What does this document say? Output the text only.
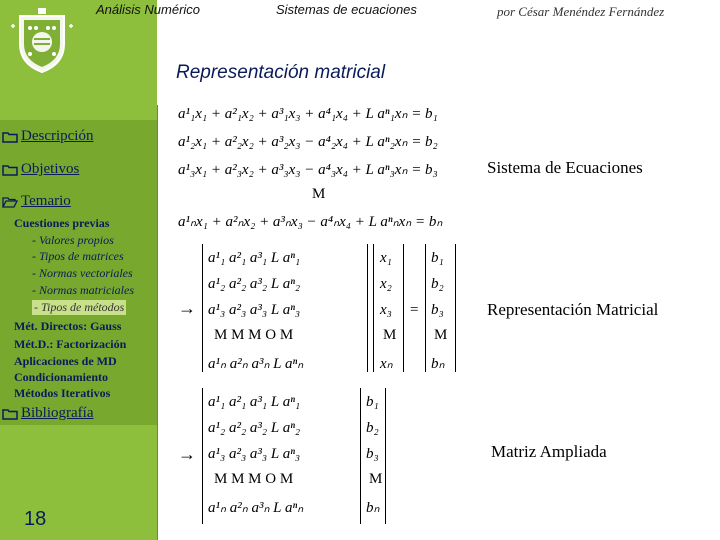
Análisis Numérico	Sistemas de ecuaciones	por César Menéndez Fernández
Representación matricial
Descripción
Objetivos
Temario
Cuestiones previas
- Valores propios
- Tipos de matrices
- Normas vectoriales
- Normas matriciales
- Tipos de métodos
Mét. Directos: Gauss
Mét.D.: Factorización
Aplicaciones de MD
Condicionamiento
Métodos Iterativos
Bibliografía
18
a¹₁x₁ + a²₁x₂ + a³₁x₃ + a⁴₁x₄ + L aⁿ₁xₙ = b₁
a¹₂x₁ + a²₂x₂ + a³₂x₃ − a⁴₂x₄ + L aⁿ₂xₙ = b₂
a¹₃x₁ + a²₃x₂ + a³₃x₃ − a⁴₃x₄ + L aⁿ₃xₙ = b₃
M
a¹ₙx₁ + a²ₙx₂ + a³ₙx₃ − a⁴ₙx₄ + L aⁿₙxₙ = bₙ
Sistema de Ecuaciones
→
a¹₁ a²₁ a³₁ L aⁿ₁
a¹₂ a²₂ a³₂ L aⁿ₂
a¹₃ a²₃ a³₃ L aⁿ₃
M M M O M
a¹ₙ a²ₙ a³ₙ L aⁿₙ
x₁
x₂
x₃
M
xₙ
=
b₁
b₂
b₃
M
bₙ
Representación Matricial
→
a¹₁ a²₁ a³₁ L aⁿ₁
a¹₂ a²₂ a³₂ L aⁿ₂
a¹₃ a²₃ a³₃ L aⁿ₃
M M M O M
a¹ₙ a²ₙ a³ₙ L aⁿₙ
b₁
b₂
b₃
M
bₙ
Matriz Ampliada
